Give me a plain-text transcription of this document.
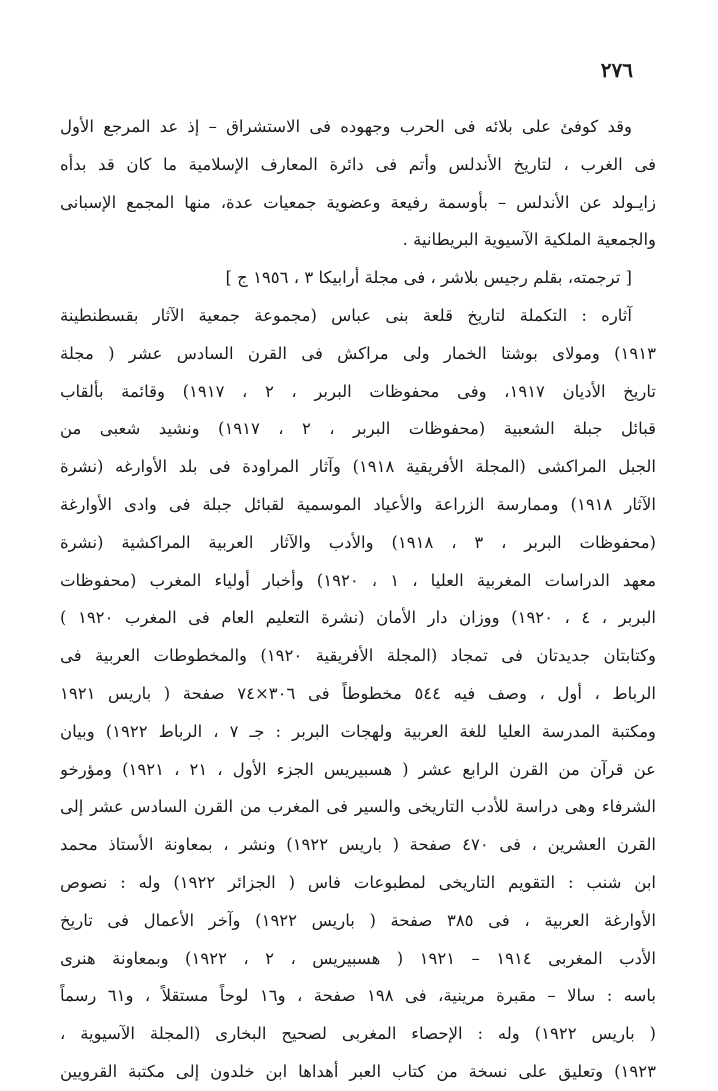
٢٧٦
وقد كوفئ على بلائه فى الحرب وجهوده فى الاستشراق – إذ عد المرجع الأول
فى الغرب ، لتاريخ الأندلس وأتم فى دائرة المعارف الإسلامية ما كان قد بدأه
زايـولد عن الأندلس – بأوسمة رفيعة وعضوية جمعيات عدة، منها المجمع الإسبانى
والجمعية الملكية الآسيوية البريطانية .
[ ترجمته، بقلم رجيس بلاشر ، فى مجلة أرابيكا ٣ ، ١٩٥٦ ج ]
آثاره : التكملة لتاريخ قلعة بنى عباس (مجموعة جمعية الآثار بقسطنطينة
١٩١٣) ومولاى بوشتا الخمار ولى مراكش فى القرن السادس عشر ( مجلة
تاريخ الأديان ١٩١٧، وفى محفوظات البربر ، ٢ ، ١٩١٧) وقائمة بألقاب
قبائل جبلة الشعبية (محفوظات البربر ، ٢ ، ١٩١٧) ونشيد شعبى من
الجبل المراكشى (المجلة الأفريقية ١٩١٨) وآثار المراودة فى بلد الأوارغه (نشرة
الآثار ١٩١٨) وممارسة الزراعة والأعياد الموسمية لقبائل جبلة فى وادى الأوارغة
(محفوظات البربر ، ٣ ، ١٩١٨) والأدب والآثار العربية المراكشية (نشرة
معهد الدراسات المغربية العليا ، ١ ، ١٩٢٠) وأخبار أولياء المغرب (محفوظات
البربر ، ٤ ، ١٩٢٠) ووزان دار الأمان (نشرة التعليم العام فى المغرب ١٩٢٠ )
وكتابتان جديدتان فى تمجاد (المجلة الأفريقية ١٩٢٠) والمخطوطات العربية فى
الرباط ، أول ، وصف فيه ٥٤٤ مخطوطاً فى ٣٠٦×٧٤ صفحة ( باريس ١٩٢١
ومكتبة المدرسة العليا للغة العربية ولهجات البربر : جـ ٧ ، الرباط ١٩٢٢) وبيان
عن قرآن من القرن الرابع عشر ( هسبيريس الجزء الأول ، ٢١ ، ١٩٢١) ومؤرخو
الشرفاء وهى دراسة للأدب التاريخى والسير فى المغرب من القرن السادس عشر إلى
القرن العشرين ، فى ٤٧٠ صفحة ( باريس ١٩٢٢) ونشر ، بمعاونة الأستاذ محمد
ابن شنب : التقويم التاريخى لمطبوعات فاس ( الجزائر ١٩٢٢) وله : نصوص
الأوارغة العربية ، فى ٣٨٥ صفحة ( باريس ١٩٢٢) وآخر الأعمال فى تاريخ
الأدب المغربى ١٩١٤ – ١٩٢١ ( هسبيريس ، ٢ ، ١٩٢٢) وبمعاونة هنرى
باسه : سالا – مقبرة مرينية، فى ١٩٨ صفحة ، و١٦ لوحاً مستقلاً ، و٦١ رسماً
( باريس ١٩٢٢) وله : الإحصاء المغربى لصحيح البخارى (المجلة الآسيوية ،
١٩٢٣) وتعليق على نسخة من كتاب العبر أهداها ابن خلدون إلى مكتبة القرويين
